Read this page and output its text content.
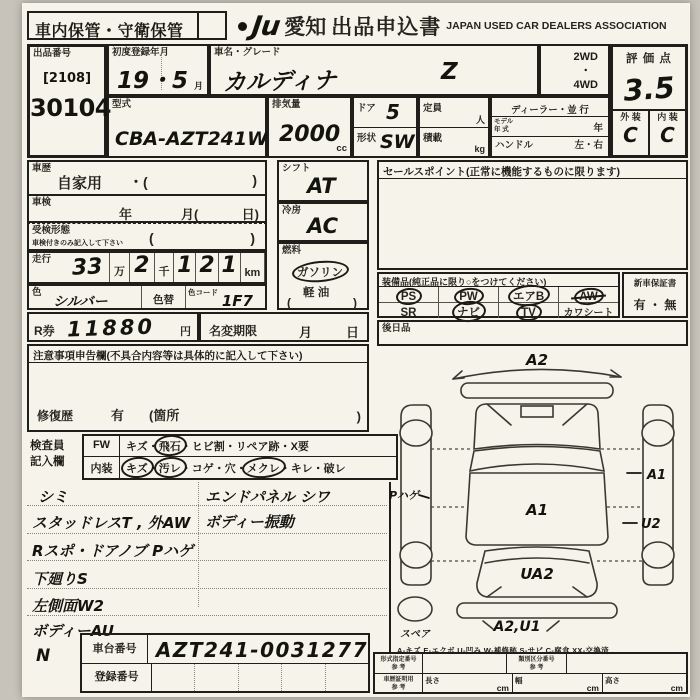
車内保管・守衛保管 Ju 愛知 出品申込書 JAPAN USED CAR DEALERS ASSOCIATION
出品番号
[2108]
30104
初度登録年月
19・5 月
車名・グレード
カルディナ	Z
2WD
・
4WD
評 価 点
3.5
外 装
C
内 装
C
型式
CBA-AZT241W
排気量
2000
cc
ドア 5
形状 SW
定員
人
積載
kg
ディーラー・並 行
モデル
年 式	年
ハンドル	左・右
車歴
自家用 ・(	)
車検
年	月(	日)
受検形態
車検付きのみ記入して下さい (	)
走行 33 万 2 千 1 2 1 km
色
シルバー	色替
色コード 1F7
シフト
AT
冷房
AC
燃料
ガソリン
軽 油
(	)
セールスポイント(正常に機能するものに限ります)
装備品(純正品に限り○をつけてください)
PS	PW	エアB	AW
SR	ナビ	TV	カワシート
新車保証書
有 ・ 無
後日品
R券 11880 円 名変期限	月	日
注意事項申告欄(不具合内容等は具体的に記入して下さい)
修復歴	有 (箇所	)
検査員
記入欄
FW	キズ ・ 飛石 ・ ヒビ割 ・ リペア跡 ・ X要
内装	キズ ・ 汚レ ・ コゲ ・ 穴 ・ メクレ ・ キレ ・ 破レ
シミ
スタッドレスT , 外AW
Rスポ・ドアノブ Pハゲ
下廻りS
左側面W2
ボディーAU
エンドパネル シワ
ボディー振動
A2
A1
A1
U2
UA2
A2,U1
スペア
Pハゲ
A-キズ E-エクボ U-凹み W-補修跡 S-サビ C-腐食 XX-交換済
N	車台番号 AZT241-0031277
登録番号
形式指定番号
参 考
類別区分番号
参 考
車歴証明用
参 考
長さ
cm
幅
cm
高さ
cm
